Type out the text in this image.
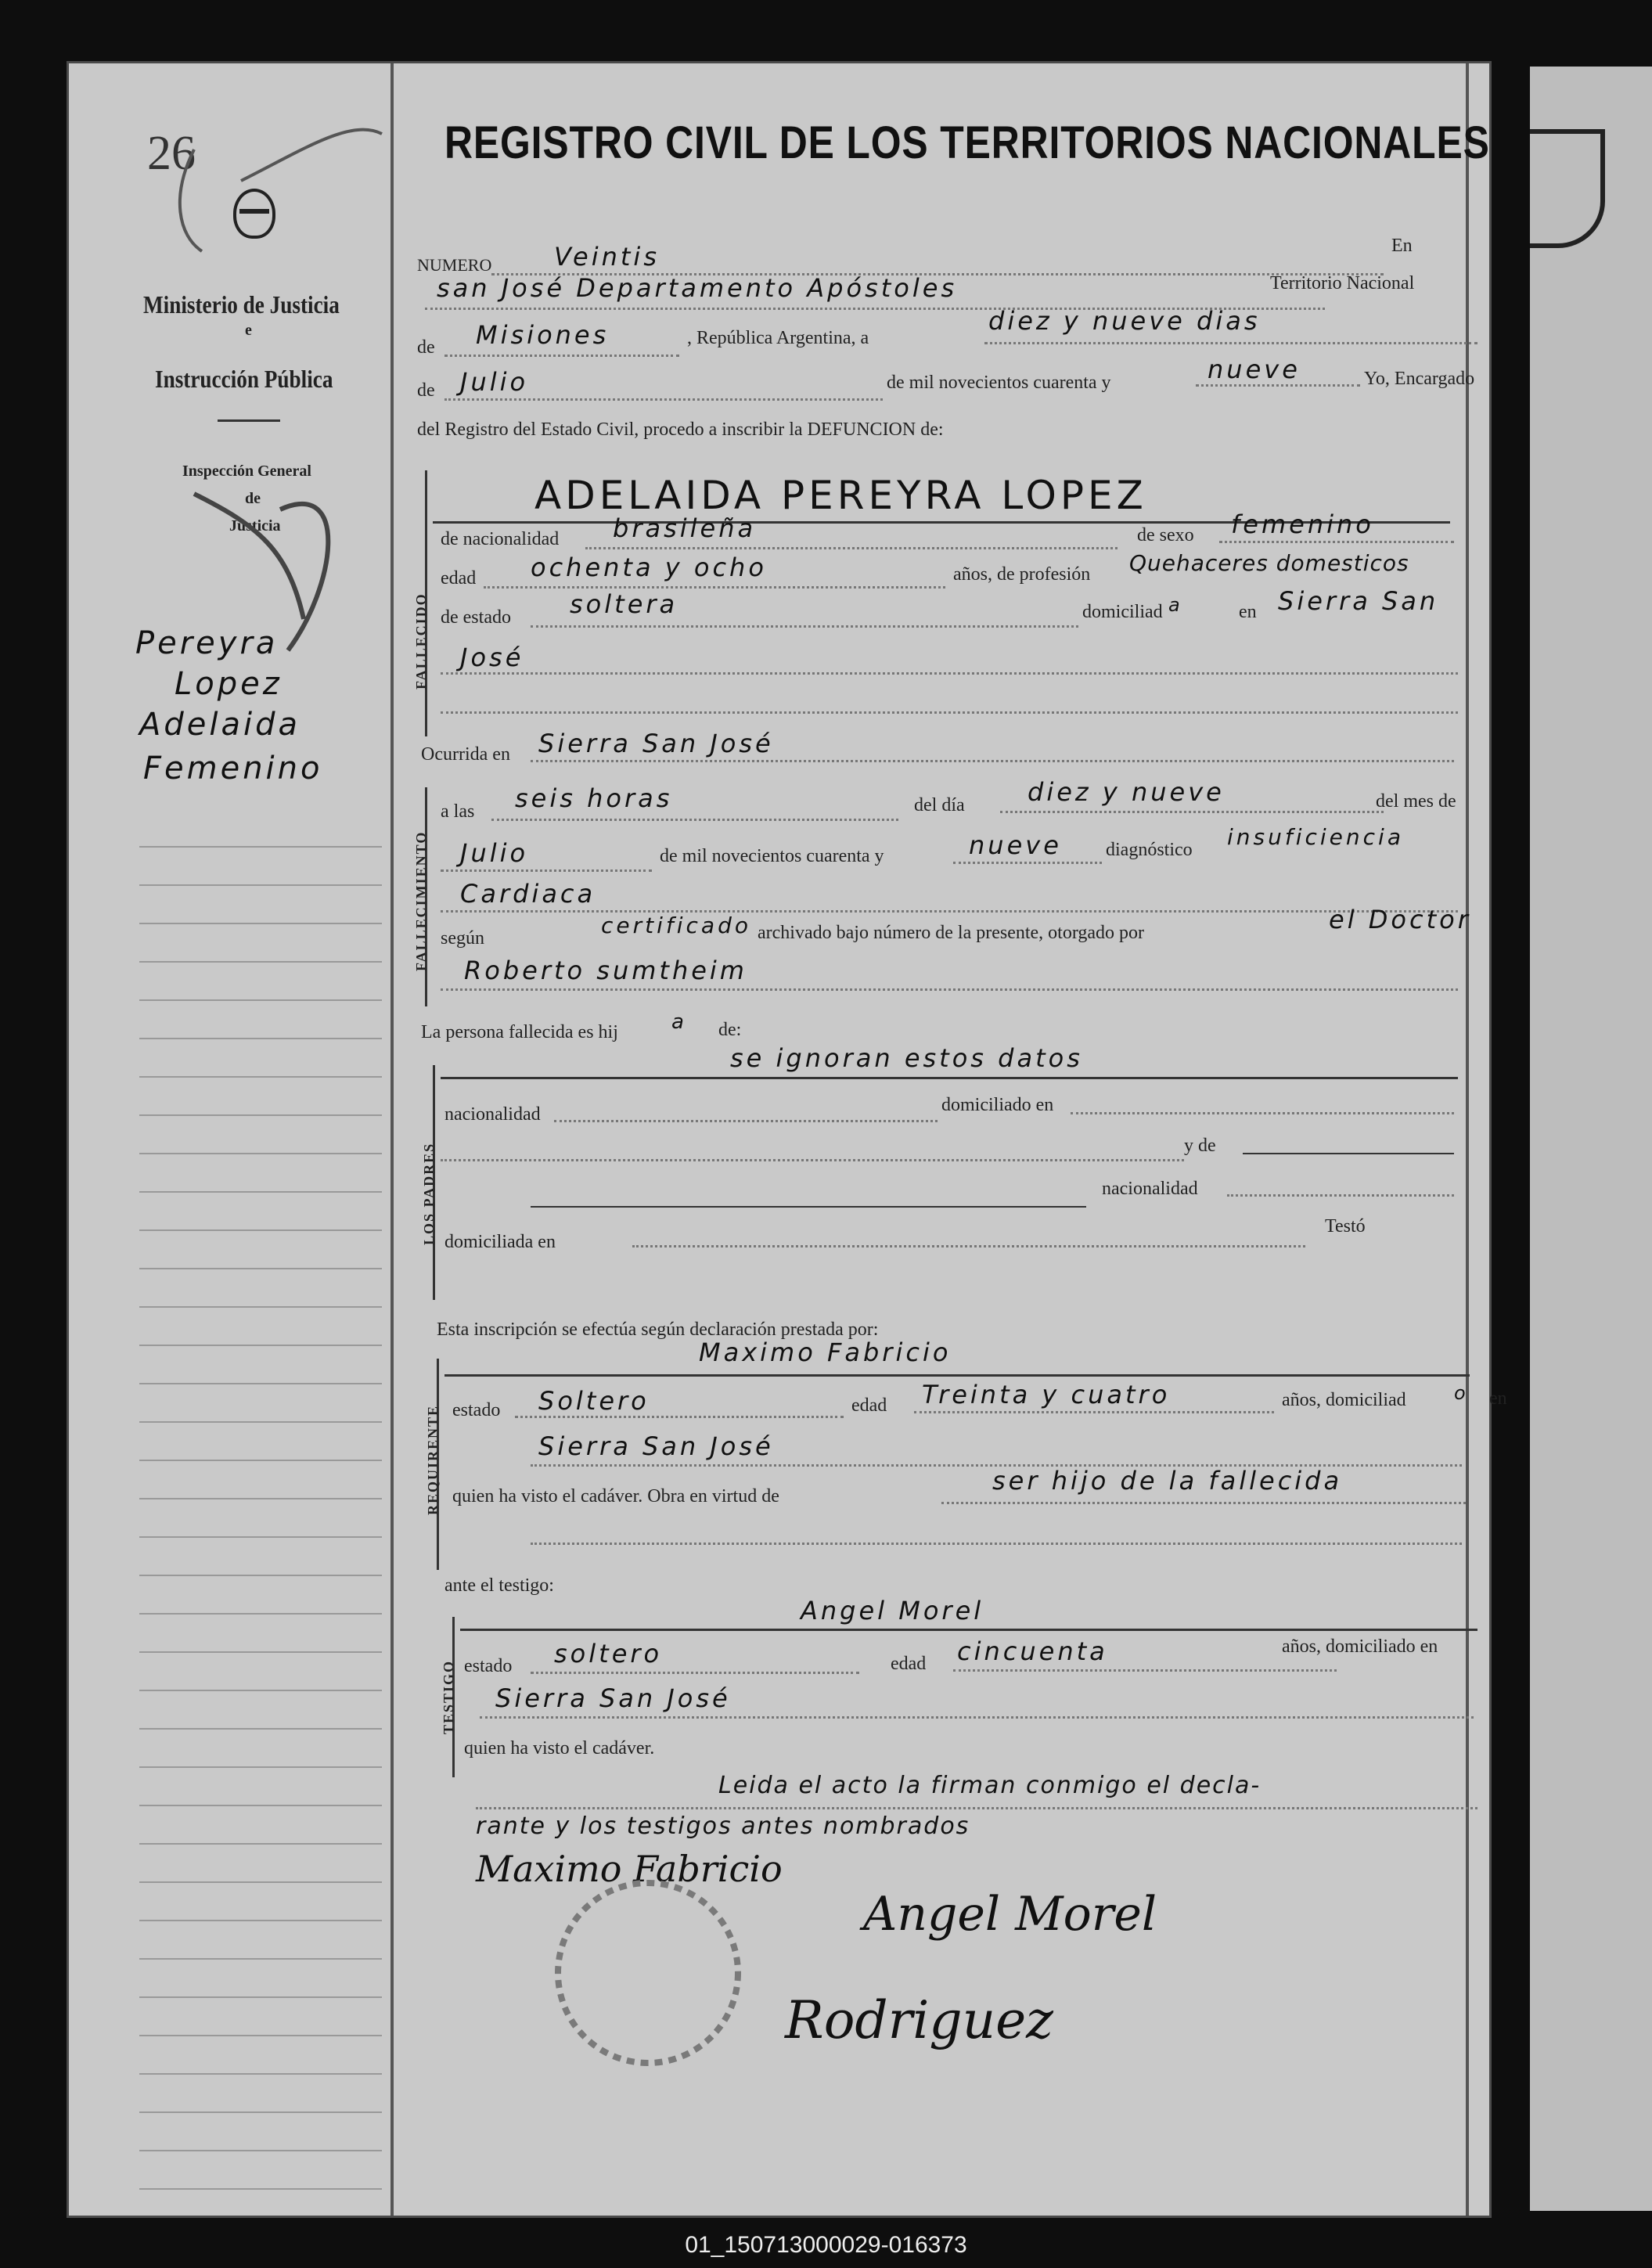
26
Ministerio de Justicia
e
Instrucción Pública
Inspección General
de
Justicia
Pereyra
Lopez
Adelaida
Femenino
REGISTRO CIVIL DE LOS TERRITORIOS NACIONALES
NUMERO Veintis	En
san José Departamento Apóstoles	Territorio Nacional
de Misiones	, República Argentina, a
diez y nueve dias
de Julio	de mil novecientos cuarenta y	nueve	Yo, Encargado
del Registro del Estado Civil, procedo a inscribir la DEFUNCION de:
FALLECIDO
ADELAIDA PEREYRA LOPEZ
de nacionalidad brasileña	de sexo femenino
edad ochenta y ocho	años, de profesión Quehaceres domesticos
de estado soltera	domiciliad a	en Sierra San
José
Ocurrida en Sierra San José
FALLECIMIENTO
a las seis horas	del día	diez y nueve	del mes de
Julio	de mil novecientos cuarenta y	nueve diagnóstico insuficiencia
Cardiaca
según	certificado archivado bajo número de la presente, otorgado por	el Doctor
Roberto sumtheim
La persona fallecida es hij	a de:
LOS PADRES
se ignoran estos datos
nacionalidad	domiciliado en
y de
nacionalidad
domiciliada en
Testó
Esta inscripción se efectúa según declaración prestada por:
REQUIRENTE
Maximo Fabricio
estado Soltero	edad Treinta y cuatro	años, domiciliad	o en
Sierra San José
quien ha visto el cadáver. Obra en virtud de
ser hijo de la fallecida
ante el testigo:
TESTIGO
Angel Morel
estado soltero	edad cincuenta	años, domiciliado en
Sierra San José
quien ha visto el cadáver.
Leida el acto la firman conmigo el decla-
rante y los testigos antes nombrados
Maximo Fabricio
Angel Morel
Rodriguez
01_150713000029-016373
